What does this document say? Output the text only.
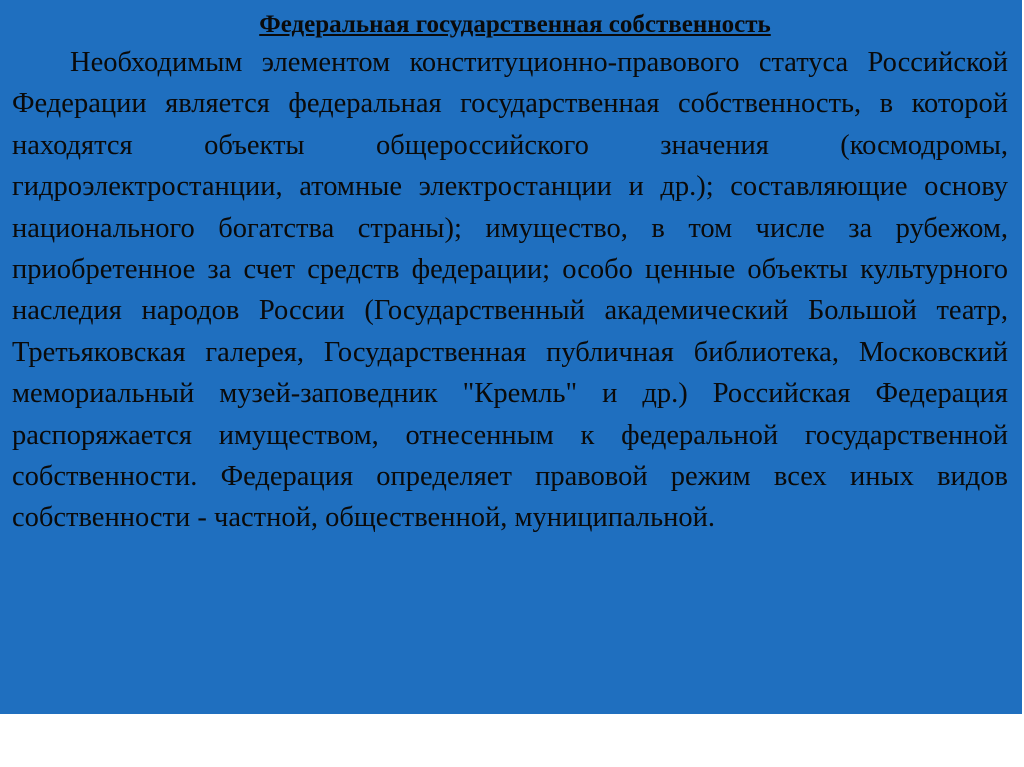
Федеральная государственная собственность

Необходимым элементом конституционно-правового статуса Российской Федерации является федеральная государственная собственность, в которой находятся объекты общероссийского значения (космодромы, гидроэлектростанции, атомные электростанции и др.); составляющие основу национального богатства страны); имущество, в том числе за рубежом, приобретенное за счет средств федерации; особо ценные объекты культурного наследия народов России (Государственный академический Большой театр, Третьяковская галерея, Государственная публичная библиотека, Московский мемориальный музей-заповедник "Кремль" и др.) Российская Федерация распоряжается имуществом, отнесенным к федеральной государственной собственности. Федерация определяет правовой режим всех иных видов собственности - частной, общественной, муниципальной.
